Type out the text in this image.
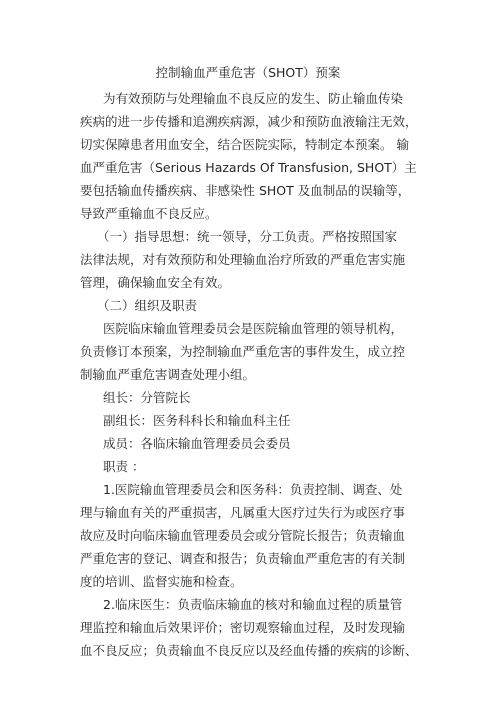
控制输血严重危害（SHOT）预案
为有效预防与处理输血不良反应的发生、防止输血传染
疾病的进一步传播和追溯疾病源，减少和预防血液输注无效，
切实保障患者用血安全，结合医院实际，特制定本预案。 输
血严重危害（Serious Hazards Of Transfusion, SHOT）主
要包括输血传播疾病、非感染性 SHOT 及血制品的误输等，
导致严重输血不良反应。
（一）指导思想：统一领导，分工负责。严格按照国家
法律法规，对有效预防和处理输血治疗所致的严重危害实施
管理，确保输血安全有效。
（二）组织及职责
医院临床输血管理委员会是医院输血管理的领导机构，
负责修订本预案，为控制输血严重危害的事件发生，成立控
制输血严重危害调查处理小组。
组长：分管院长
副组长：医务科科长和输血科主任
成员：各临床输血管理委员会委员
职责 ：
1.医院输血管理委员会和医务科：负责控制、调查、处
理与输血有关的严重损害，凡属重大医疗过失行为或医疗事
故应及时向临床输血管理委员会或分管院长报告；负责输血
严重危害的登记、调查和报告；负责输血严重危害的有关制
度的培训、监督实施和检查。
2.临床医生：负责临床输血的核对和输血过程的质量管
理监控和输血后效果评价；密切观察输血过程，及时发现输
血不良反应；负责输血不良反应以及经血传播的疾病的诊断、
